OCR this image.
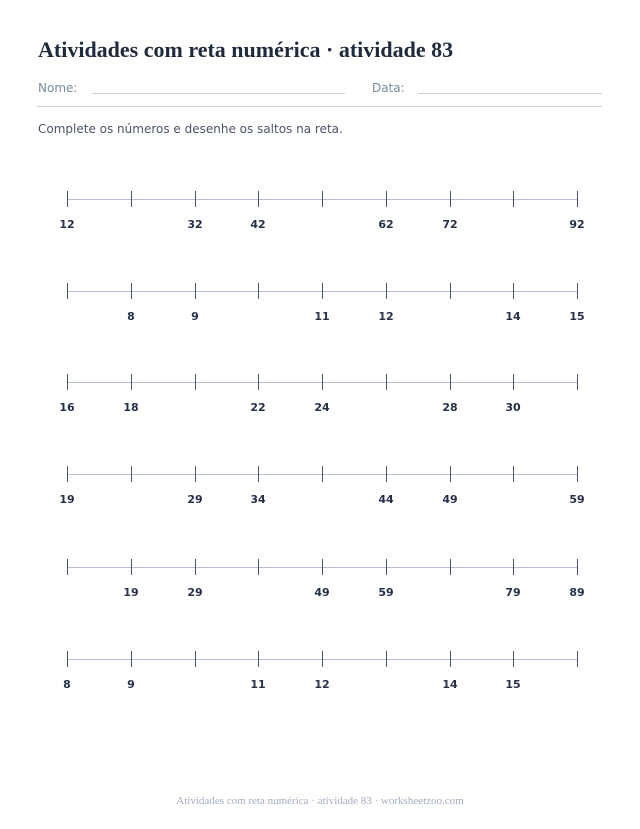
Atividades com reta numérica · atividade 83
Nome:	Data:

Complete os números e desenhe os saltos na reta.

12	32	42	62	72	92
8	9	11	12	14	15
16	18	22	24	28	30
19	29	34	44	49	59
19	29	49	59	79	89
8	9	11	12	14	15
Atividades com reta numérica · atividade 83 · worksheetzoo.com
